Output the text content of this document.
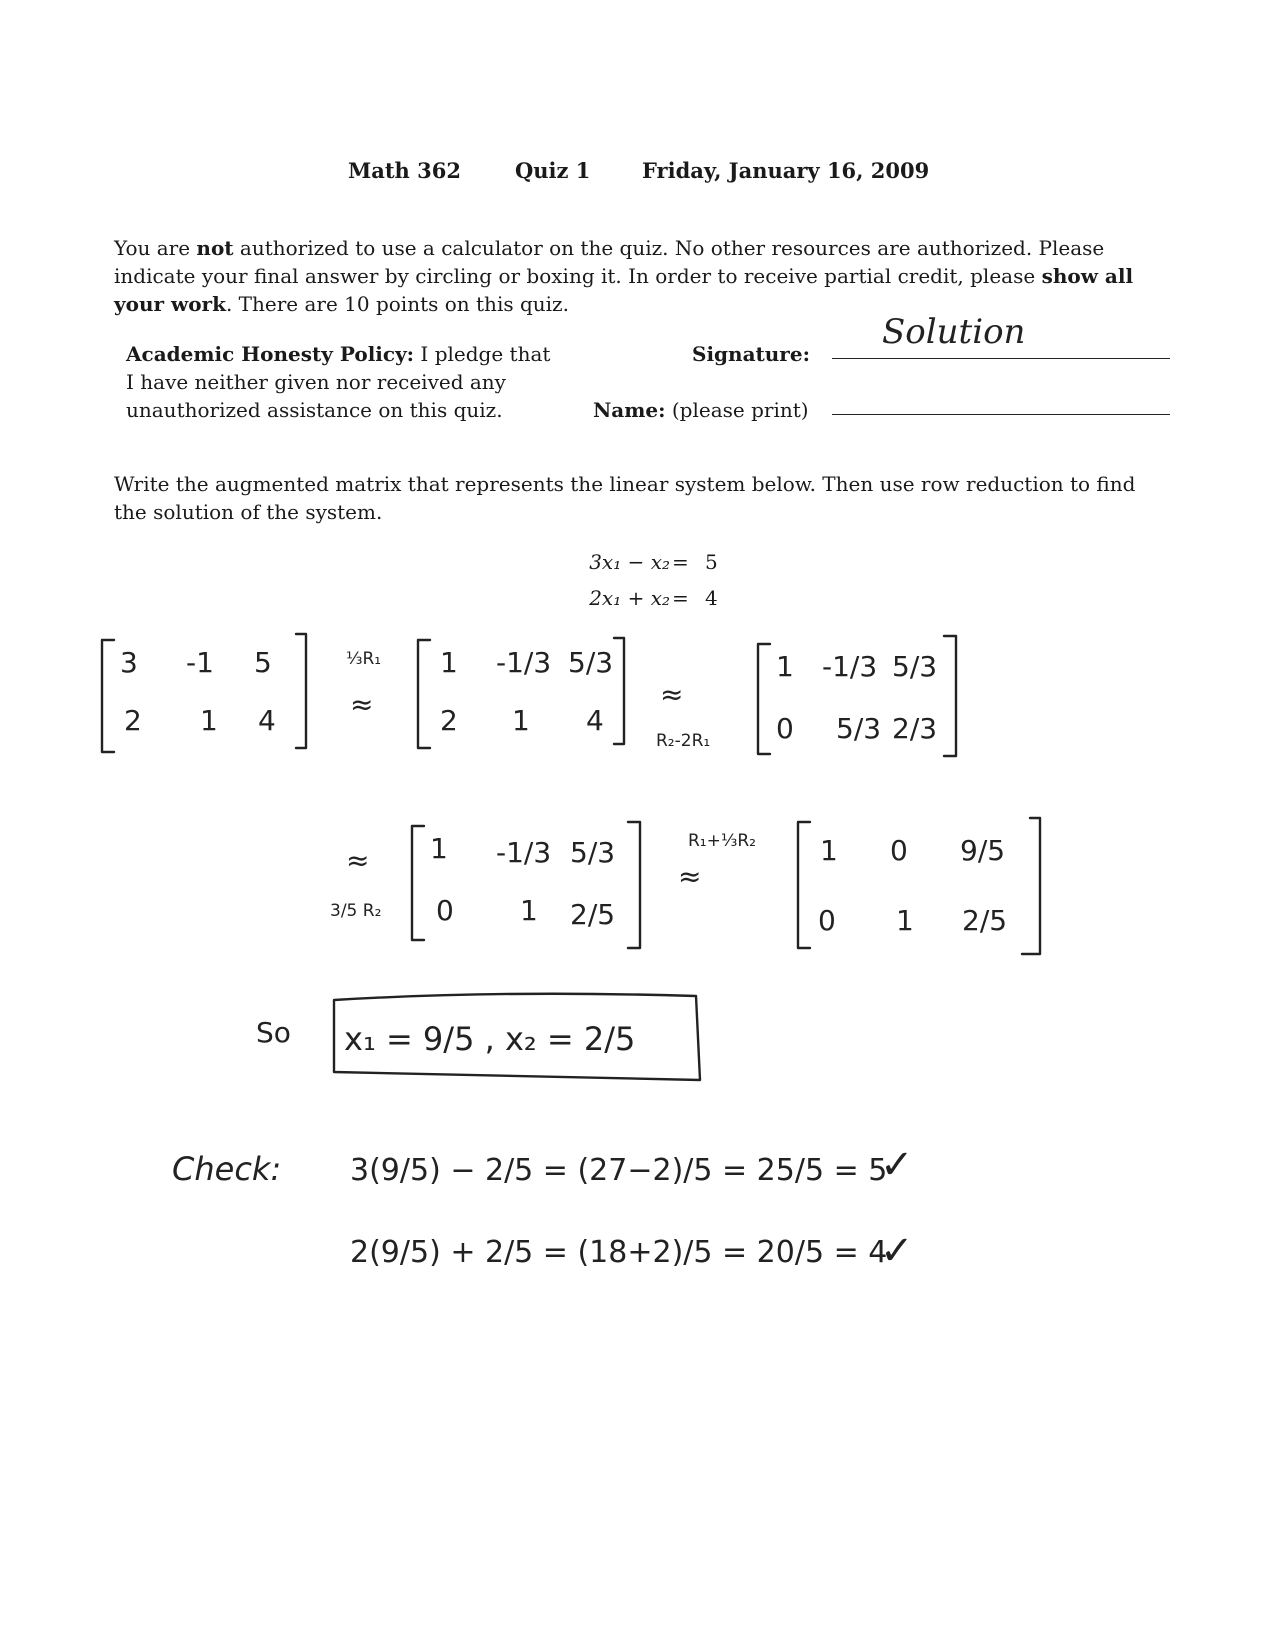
Math 362	Quiz 1 Friday, January 16, 2009
You are not authorized to use a calculator on the quiz. No other resources are authorized. Please indicate your final answer by circling or boxing it. In order to receive partial credit, please show all your work. There are 10 points on this quiz.
Academic Honesty Policy: I pledge that I have neither given nor received any unauthorized assistance on this quiz.
Signature:
Solution
Name: (please print)
Write the augmented matrix that represents the linear system below. Then use row reduction to find the solution of the system.
3x₁ − x₂ = 5
2x₁ + x₂ = 4
3 -1 5
2 1 4
⅓R₁
≈
1 -1/3 5/3
2 1 4
≈
R₂-2R₁
1 -1/3 5/3
0 5/3 2/3
≈
3/5 R₂
1 -1/3 5/3
0 1 2/5
R₁+⅓R₂
≈
1 0 9/5
0 1 2/5
So x₁ = 9/5 , x₂ = 2/5
Check: 3(9/5) − 2/5 = (27−2)/5 = 25/5 = 5
✓
2(9/5) + 2/5 = (18+2)/5 = 20/5 = 4
✓
